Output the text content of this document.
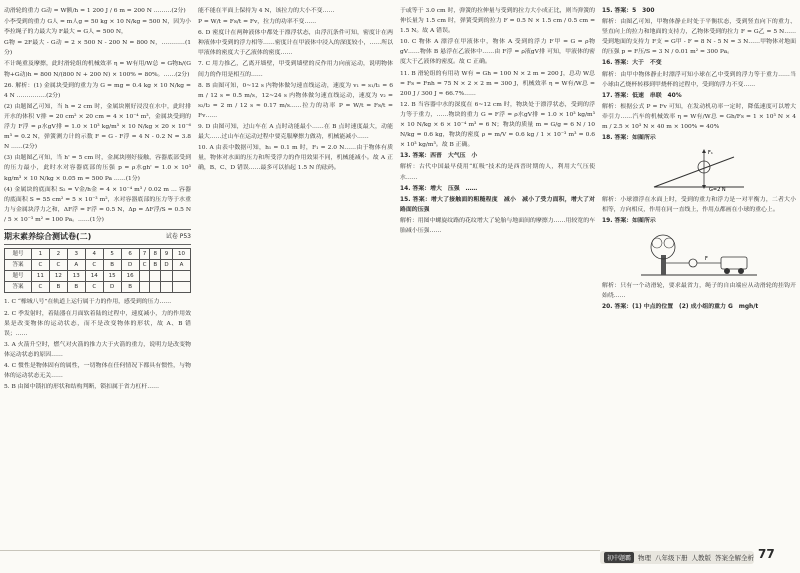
动滑轮的重力 G动 = W额/h = 1 200 J / 6 m = 200 N ………(2分)

小李受到的重力 G人 = m人g = 50 kg × 10 N/kg = 500 N，因为小李拉绳子的力最大为 F最大 = G人 = 500 N，

G物 = 2F最大 - G动 = 2 × 500 N - 200 N = 800 N，…………(1分)

不计绳重及摩擦，此时滑轮组的机械效率 η = W有用/W总 = G物h/(G物+G动)h = 800 N/(800 N + 200 N) × 100% = 80%。……(2分)

26. 解析：(1) 金属块受到的重力为 G = mg = 0.4 kg × 10 N/kg = 4 N ……………(2分)

(2) 由题图乙可知，当 h = 2 cm 时，金属块刚好浸没在水中，此时排开水的体积 V排 = 20 cm² × 20 cm = 4 × 10⁻⁴ m³，金属块受到的浮力 F浮 = ρ水gV排 = 1.0 × 10³ kg/m³ × 10 N/kg × 20 × 10⁻⁶ m³ = 0.2 N，弹簧测力计的示数 F = G - F浮 = 4 N - 0.2 N = 3.8 N ……(2分)

(3) 由题图乙可知，当 h' = 5 cm 时，金属块刚好接触，容器底部受到的压力最小，此时水对容器底部的压强 p = ρ水gh' = 1.0 × 10³ kg/m³ × 10 N/kg × 0.05 m = 500 Pa ……(1分)

(4) 金属块的底面积 S₂ = V金/h金 = 4 × 10⁻⁴ m³ / 0.02 m … 容器的底面积 S = 55 cm² = 5 × 10⁻³ m²，水对容器底部的压力等于水重力与金属块浮力之和，ΔF浮 = F浮 = 0.5 N，Δp = ΔF浮/S = 0.5 N / 5 × 10⁻³ m² = 100 Pa。……(1分)

期末素养综合测试卷(二)	试卷 P53
题号	1	2	3	4	5	6	7	8	9	10
答案	C	C	A	C	B	D	C	B	D	A
题号	11	12	13	14	15	16				
答案	C	B	B	C	D	B				

1. C “橡城八号”在轨道上运行属于力的作用，感受到的压力……

2. C 季发射时，着陆器在月面软着陆的过程中，速度减小，力的作用效果是改变物体的运动状态，而不是改变物体的形状，故 A、B 错误；……

3. A 火箭升空时，燃气对火箭的推力大于火箭的重力，说明力是改变物体运动状态的原因……

4. C 惯性是物体固有的属性，一切物体在任何情况下都具有惯性，与物体的运动状态无关……

5. B 由图中锁扣的形状和结构判断，锁扣属于省力杠杆……

能不能在平面上保持为 4 N，该拉力的大小不变……

P = W/t = Fs/t = Fv，拉力的功率不变……

6. D 密度计在两种液体中都处于漂浮状态，由浮沉条件可知，密度计在两种液体中受到的浮力相等……密度计在甲液体中浸入的深度较小，……所以甲液体的密度大于乙液体的密度……

7. C 用力推乙，乙离开墙壁，甲受到墙壁的反作用力向前运动，说明物体间力的作用是相互的……

8. B 由图可知，0~12 s 内物体做匀速直线运动，速度为 v₁ = s₁/t₁ = 6 m / 12 s = 0.5 m/s，12~24 s 内物体做匀速直线运动，速度为 v₂ = s₂/t₂ = 2 m / 12 s ≈ 0.17 m/s……拉力的功率 P = W/t = Fs/t = Fv……

9. D 由图可知，过山车在 A 点时动能最小……在 B 点时速度最大，动能最大……过山车在运动过程中要克服摩擦力做功，机械能减小……

10. A 由表中数据可知，h₁ = 0.1 m 时，F₁ = 2.0 N……由于物体有质量，物体对水面的压力和所受浮力的作用效果不同，机械能减小。故 A 正确，B、C、D 错误……最多可以抬起 1.5 N 的砝码。

于或等于 3.0 cm 时，弹簧的拉伸量与受到的拉力大小成正比，则当弹簧的伸长量为 1.5 cm 时，弹簧受到的拉力 F = 0.5 N × 1.5 cm / 0.5 cm = 1.5 N。故 A 错误。

10. C 物体 A 漂浮在甲液体中，物体 A 受到的浮力 F甲 = G = ρ物gV……物体 B 悬浮在乙液体中……由 F浮 = ρ液gV排 可知，甲液体的密度大于乙液体的密度。故 C 正确。

11. B 滑轮组的有用功 W有 = Gh = 100 N × 2 m = 200 J，总功 W总 = Fs = Fnh = 75 N × 2 × 2 m = 300 J，机械效率 η = W有/W总 = 200 J / 300 J ≈ 66.7%……

12. B 当容器中水的深度在 6~12 cm 时，物块处于漂浮状态，受到的浮力等于重力，……物块的重力 G = F浮 = ρ水gV排 = 1.0 × 10³ kg/m³ × 10 N/kg × 6 × 10⁻⁴ m³ = 6 N；物块的质量 m = G/g = 6 N / 10 N/kg = 0.6 kg，物块的密度 ρ = m/V = 0.6 kg / 1 × 10⁻³ m³ = 0.6 × 10³ kg/m³。故 B 正确。

13. 答案：西晋　大气压　小

解析：古代中国最早使用“虹吸”技术的是西晋时期的人，利用大气压使水……

14. 答案：增大　压强　……

15. 答案：增大了接触面的粗糙程度　减小　减小了受力面积，增大了对路面的压强

解析：用图中螺旋纹路的花纹增大了轮胎与地面间的摩擦力……用较宽的车胎减小压强……

15. 答案：5　300

解析：由图乙可知，甲物体静止时处于平衡状态，受到竖直向下的重力、竖直向上的拉力和地面的支持力，乙物体受到的拉力 F = G乙 = 5 N……受到地面的支持力 F支 = G甲 - F = 8 N - 5 N = 3 N……甲物体对地面的压强 p = F压/S = 3 N / 0.01 m² = 300 Pa。

16. 答案：大于　不变

解析：由甲中物体静止时漂浮可知小球在乙中受到的浮力等于重力……当小球由乙烧杯转移到甲烧杯的过程中，受到的浮力不变……

17. 答案：低速　串联　40%

解析：根据公式 P = Fv 可知，在发动机功率一定时，降低速度可以增大牵引力……汽车的机械效率 η = W有/W总 = Gh/Fs = 1 × 10³ N × 4 m / 2.5 × 10³ N × 40 m × 100% = 40%

18. 答案：如图所示

G=2 N
F₁

解析：小球漂浮在水面上时，受到的重力和浮力是一对平衡力，二者大小相等，方向相反，作用在同一直线上，作用点都画在小球的重心上。

19. 答案：如图所示

F

解析：只有一个动滑轮，要求最省力，绳子的自由端应从动滑轮的挂钩开始绕……

20. 答案：(1) 中点的位置　(2) 成小组的重力 G　mgh/t

初中题霸	物理 八年级下册 人教版 答案全解全析 77
